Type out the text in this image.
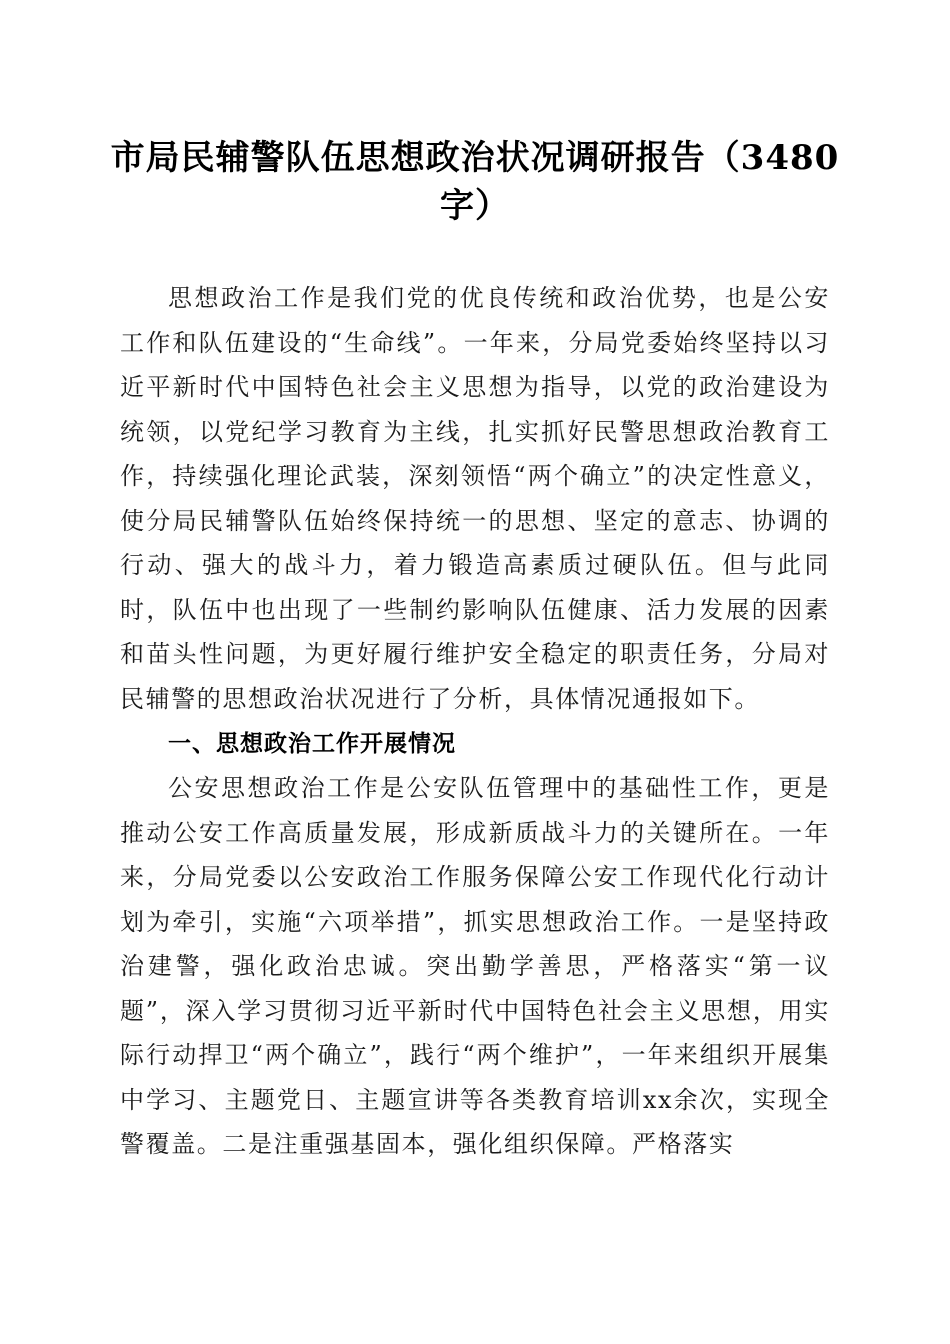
市局民辅警队伍思想政治状况调研报告（3480
字）

思想政治工作是我们党的优良传统和政治优势，也是公安工作和队伍建设的“生命线”。一年来，分局党委始终坚持以习近平新时代中国特色社会主义思想为指导，以党的政治建设为统领，以党纪学习教育为主线，扎实抓好民警思想政治教育工作，持续强化理论武装，深刻领悟“两个确立”的决定性意义，使分局民辅警队伍始终保持统一的思想、坚定的意志、协调的行动、强大的战斗力，着力锻造高素质过硬队伍。但与此同时，队伍中也出现了一些制约影响队伍健康、活力发展的因素和苗头性问题，为更好履行维护安全稳定的职责任务，分局对民辅警的思想政治状况进行了分析，具体情况通报如下。

一、思想政治工作开展情况

公安思想政治工作是公安队伍管理中的基础性工作，更是推动公安工作高质量发展，形成新质战斗力的关键所在。一年来，分局党委以公安政治工作服务保障公安工作现代化行动计划为牵引，实施“六项举措”，抓实思想政治工作。一是坚持政治建警，强化政治忠诚。突出勤学善思，严格落实“第一议题”，深入学习贯彻习近平新时代中国特色社会主义思想，用实际行动捍卫“两个确立”，践行“两个维护”，一年来组织开展集中学习、主题党日、主题宣讲等各类教育培训xx余次，实现全警覆盖。二是注重强基固本，强化组织保障。严格落实
